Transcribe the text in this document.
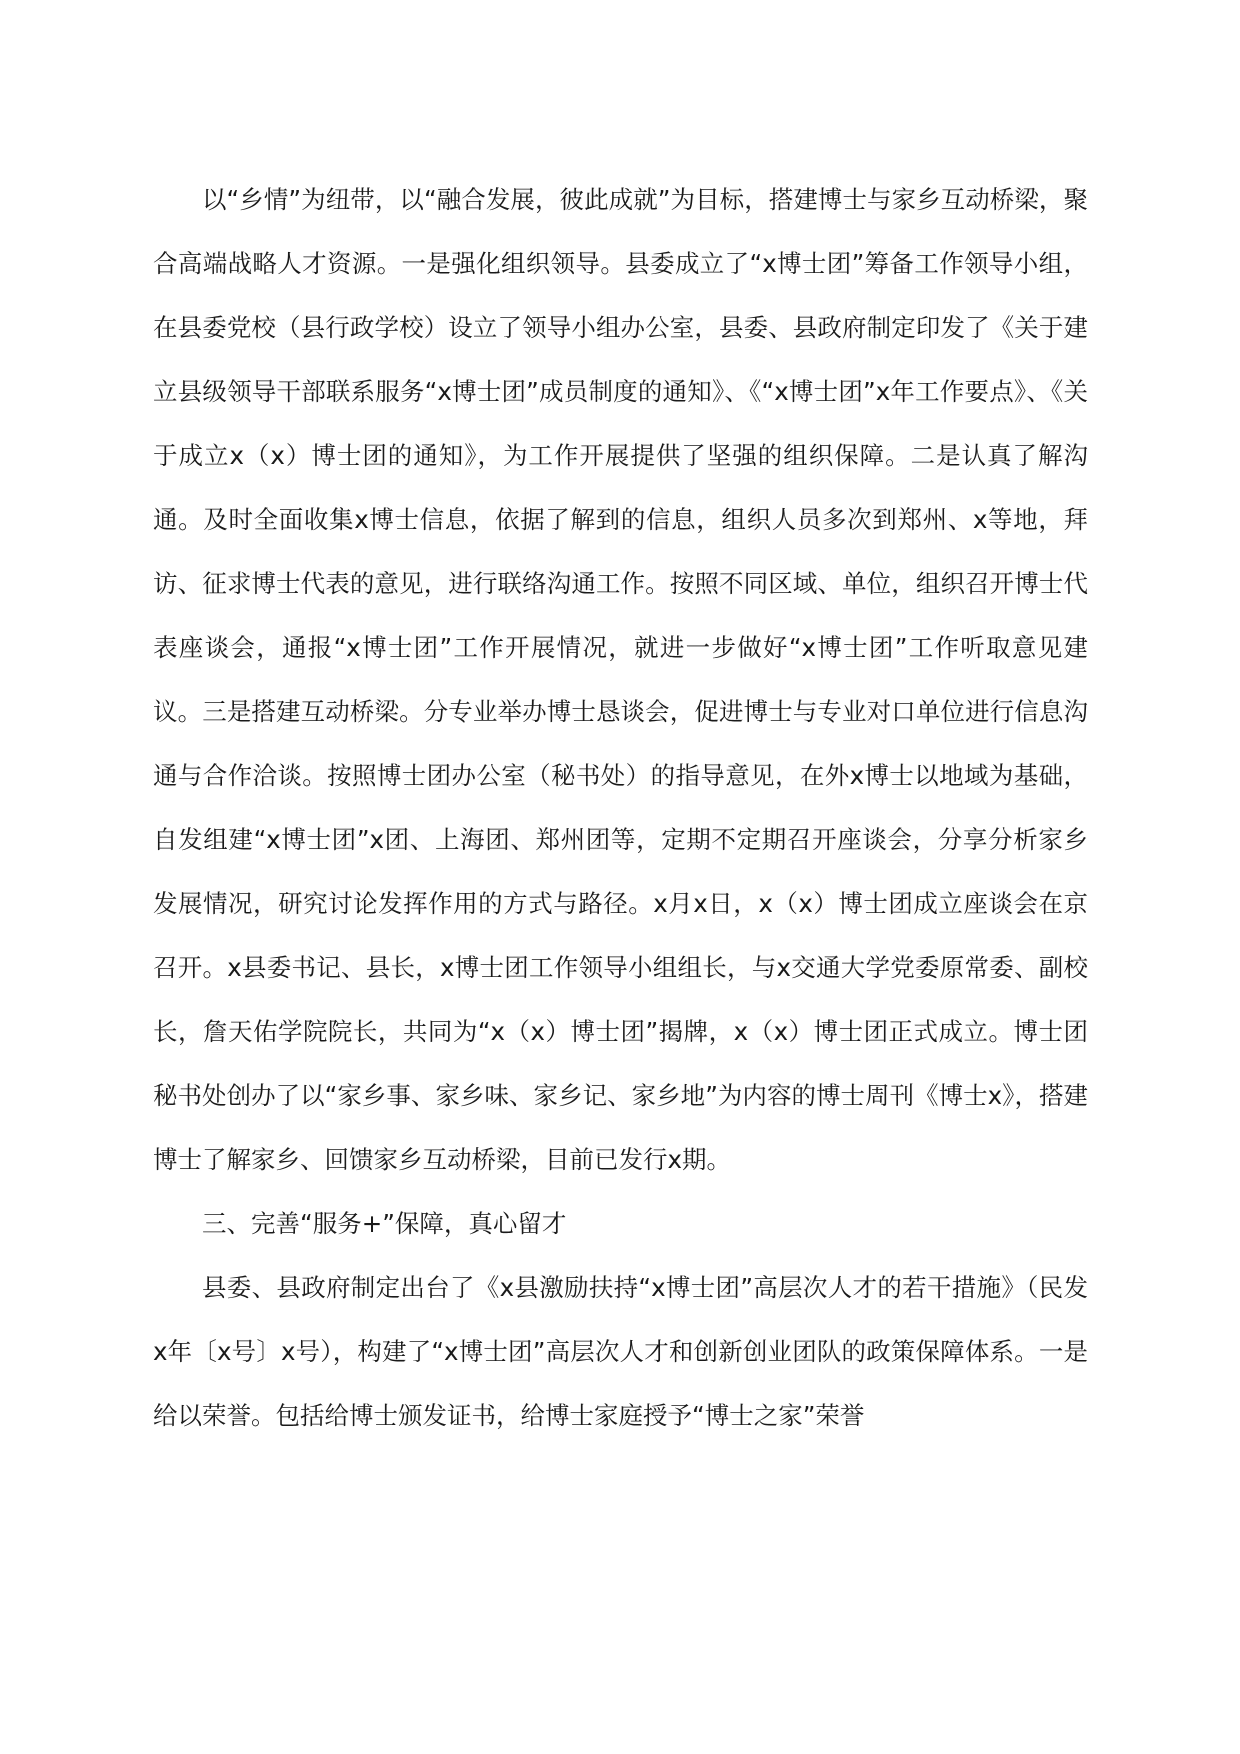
以“乡情”为纽带，以“融合发展，彼此成就”为目标，搭建博士与家乡互动桥梁，聚合高端战略人才资源。一是强化组织领导。县委成立了“x博士团”筹备工作领导小组，在县委党校（县行政学校）设立了领导小组办公室，县委、县政府制定印发了《关于建立县级领导干部联系服务“x博士团”成员制度的通知》、《“x博士团”x年工作要点》、《关于成立x（x）博士团的通知》，为工作开展提供了坚强的组织保障。二是认真了解沟通。及时全面收集x博士信息，依据了解到的信息，组织人员多次到郑州、x等地，拜访、征求博士代表的意见，进行联络沟通工作。按照不同区域、单位，组织召开博士代表座谈会，通报“x博士团”工作开展情况，就进一步做好“x博士团”工作听取意见建议。三是搭建互动桥梁。分专业举办博士恳谈会，促进博士与专业对口单位进行信息沟通与合作洽谈。按照博士团办公室（秘书处）的指导意见，在外x博士以地域为基础，自发组建“x博士团”x团、上海团、郑州团等，定期不定期召开座谈会，分享分析家乡发展情况，研究讨论发挥作用的方式与路径。x月x日，x（x）博士团成立座谈会在京召开。x县委书记、县长，x博士团工作领导小组组长，与x交通大学党委原常委、副校长，詹天佑学院院长，共同为“x（x）博士团”揭牌，x（x）博士团正式成立。博士团秘书处创办了以“家乡事、家乡味、家乡记、家乡地”为内容的博士周刊《博士x》，搭建博士了解家乡、回馈家乡互动桥梁，目前已发行x期。

三、完善“服务+”保障，真心留才

县委、县政府制定出台了《x县激励扶持“x博士团”高层次人才的若干措施》（民发x年〔x号〕x号），构建了“x博士团”高层次人才和创新创业团队的政策保障体系。一是给以荣誉。包括给博士颁发证书，给博士家庭授予“博士之家”荣誉
